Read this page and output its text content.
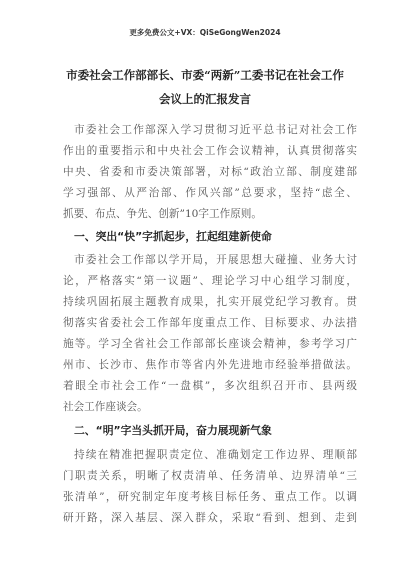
更多免费公文+VX：QiSeGongWen2024
市委社会工作部部长、市委“两新”工委书记在社会工作
会议上的汇报发言
市委社会工作部深入学习贯彻习近平总书记对社会工作
作出的重要指示和中央社会工作会议精神，认真贯彻落实
中央、省委和市委决策部署，对标“政治立部、制度建部
学习强部、从严治部、作风兴部”总要求，坚持“虑全、
抓要、布点、争先、创新”10字工作原则。
一、突出“快”字抓起步，扛起组建新使命
市委社会工作部以学开局，开展思想大碰撞、业务大讨
论，严格落实“第一议题”、理论学习中心组学习制度，
持续巩固拓展主题教育成果，扎实开展党纪学习教育。贯
彻落实省委社会工作部年度重点工作、目标要求、办法措
施等。学习全省社会工作部部长座谈会精神，参考学习广
州市、长沙市、焦作市等省内外先进地市经验举措做法。
着眼全市社会工作“一盘棋”，多次组织召开市、县两级
社会工作座谈会。
二、“明”字当头抓开局，奋力展现新气象
持续在精准把握职责定位、准确划定工作边界、理顺部
门职责关系，明晰了权责清单、任务清单、边界清单“三
张清单”，研究制定年度考核目标任务、重点工作。以调
研开路，深入基层、深入群众，采取“看到、想到、走到
